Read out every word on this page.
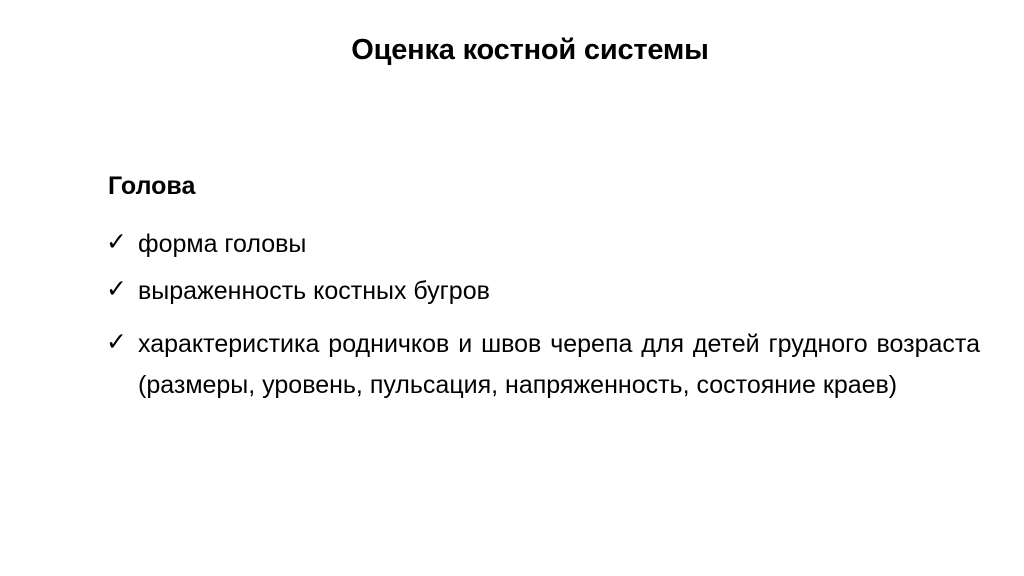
Оценка костной системы
Голова
✓ форма головы
✓ выраженность костных бугров
✓ характеристика родничков и швов черепа для детей грудного возраста (размеры, уровень, пульсация, напряженность, состояние краев)
